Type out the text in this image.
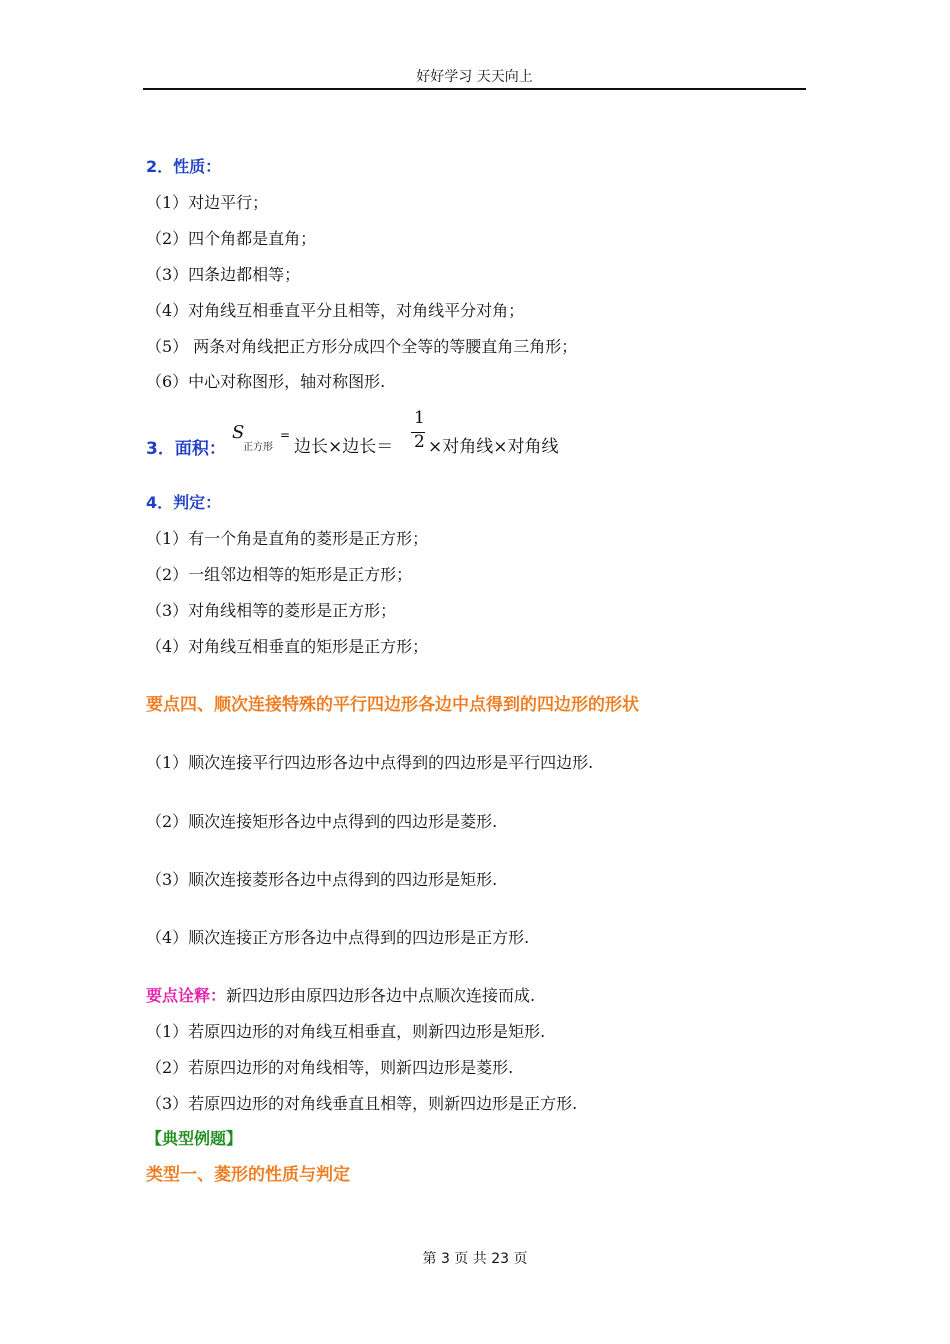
好好学习 天天向上
2．性质：
（1）对边平行；
（2）四个角都是直角；
（3）四条边都相等；
（4）对角线互相垂直平分且相等，对角线平分对角；
（5） 两条对角线把正方形分成四个全等的等腰直角三角形；
（6）中心对称图形，轴对称图形.
3．面积：
S
正方形
=
边长×边长＝
1
2 ×对角线×对角线
4．判定：
（1）有一个角是直角的菱形是正方形；
（2）一组邻边相等的矩形是正方形；
（3）对角线相等的菱形是正方形；
（4）对角线互相垂直的矩形是正方形；
要点四、顺次连接特殊的平行四边形各边中点得到的四边形的形状
（1）顺次连接平行四边形各边中点得到的四边形是平行四边形.
（2）顺次连接矩形各边中点得到的四边形是菱形.
（3）顺次连接菱形各边中点得到的四边形是矩形.
（4）顺次连接正方形各边中点得到的四边形是正方形.
要点诠释：新四边形由原四边形各边中点顺次连接而成.
（1）若原四边形的对角线互相垂直，则新四边形是矩形.
（2）若原四边形的对角线相等，则新四边形是菱形.
（3）若原四边形的对角线垂直且相等，则新四边形是正方形.
【典型例题】
类型一、菱形的性质与判定
第 3 页 共 23 页
